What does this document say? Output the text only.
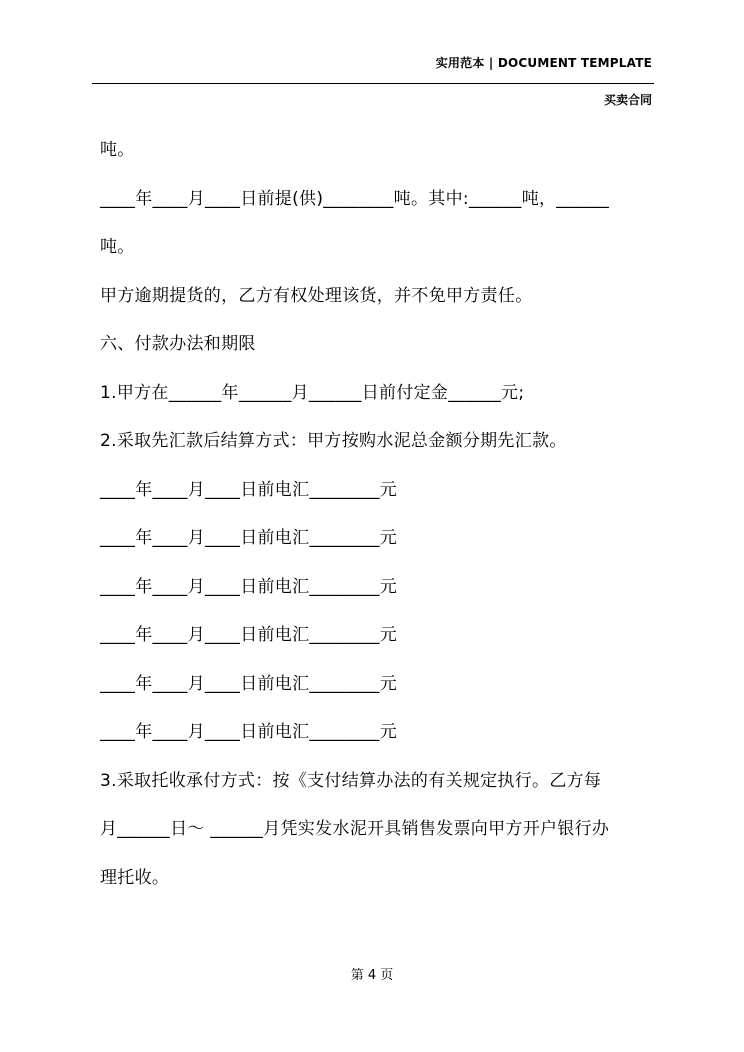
实用范本 | DOCUMENT TEMPLATE
买卖合同
吨。
____年____月____日前提(供)________吨。其中:______吨，______
吨。
甲方逾期提货的，乙方有权处理该货，并不免甲方责任。
六、付款办法和期限
1.甲方在______年______月______日前付定金______元;
2.采取先汇款后结算方式：甲方按购水泥总金额分期先汇款。
____年____月____日前电汇________元
____年____月____日前电汇________元
____年____月____日前电汇________元
____年____月____日前电汇________元
____年____月____日前电汇________元
____年____月____日前电汇________元
3.采取托收承付方式：按《支付结算办法的有关规定执行。乙方每
月______日～ ______月凭实发水泥开具销售发票向甲方开户银行办
理托收。
第 4 页
